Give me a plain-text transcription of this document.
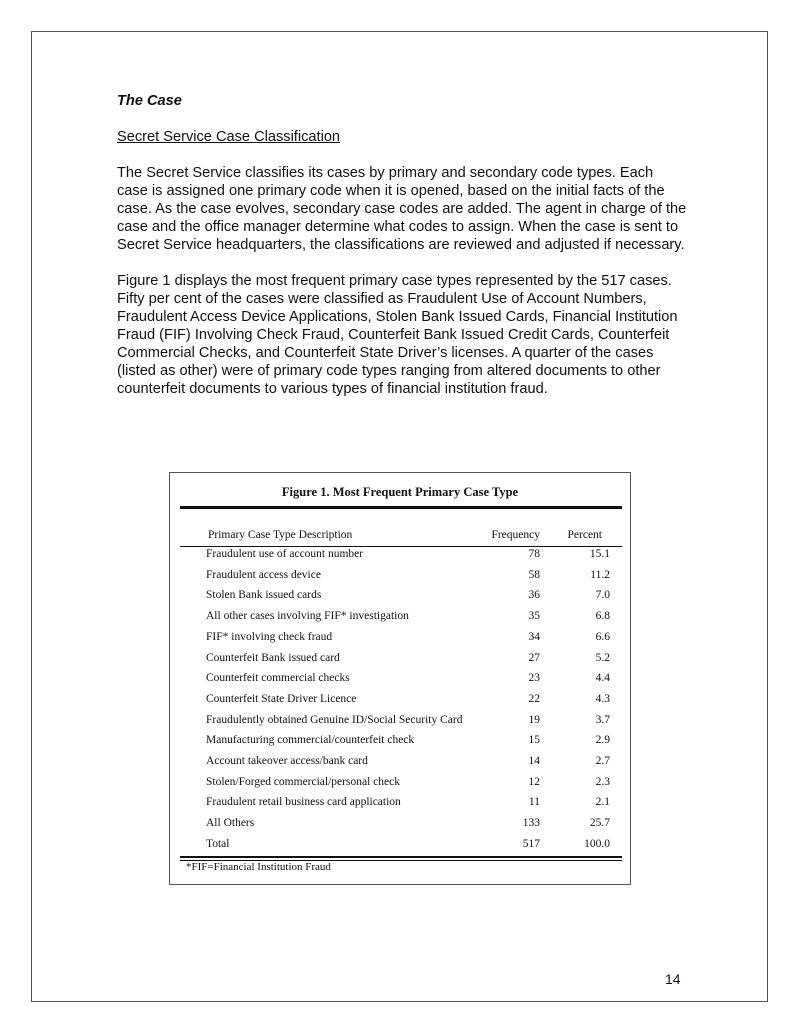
The Case
Secret Service Case Classification

The Secret Service classifies its cases by primary and secondary code types. Each case is assigned one primary code when it is opened, based on the initial facts of the case. As the case evolves, secondary case codes are added. The agent in charge of the case and the office manager determine what codes to assign. When the case is sent to Secret Service headquarters, the classifications are reviewed and adjusted if necessary.

Figure 1 displays the most frequent primary case types represented by the 517 cases. Fifty per cent of the cases were classified as Fraudulent Use of Account Numbers, Fraudulent Access Device Applications, Stolen Bank Issued Cards, Financial Institution Fraud (FIF) Involving Check Fraud, Counterfeit Bank Issued Credit Cards, Counterfeit Commercial Checks, and Counterfeit State Driver’s licenses. A quarter of the cases (listed as other) were of primary code types ranging from altered documents to other counterfeit documents to various types of financial institution fraud.

Figure 1. Most Frequent Primary Case Type
Primary Case Type Description	Frequency Percent
Fraudulent use of account number	78	15.1
Fraudulent access device	58	11.2
Stolen Bank issued cards	36	7.0
All other cases involving FIF* investigation	35	6.8
FIF* involving check fraud	34	6.6
Counterfeit Bank issued card	27	5.2
Counterfeit commercial checks	23	4.4
Counterfeit State Driver Licence	22	4.3
Fraudulently obtained Genuine ID/Social Security Card	19	3.7
Manufacturing commercial/counterfeit check	15	2.9
Account takeover access/bank card	14	2.7
Stolen/Forged commercial/personal check	12	2.3
Fraudulent retail business card application	11	2.1
All Others	133	25.7
Total	517	100.0
*FIF=Financial Institution Fraud
14
